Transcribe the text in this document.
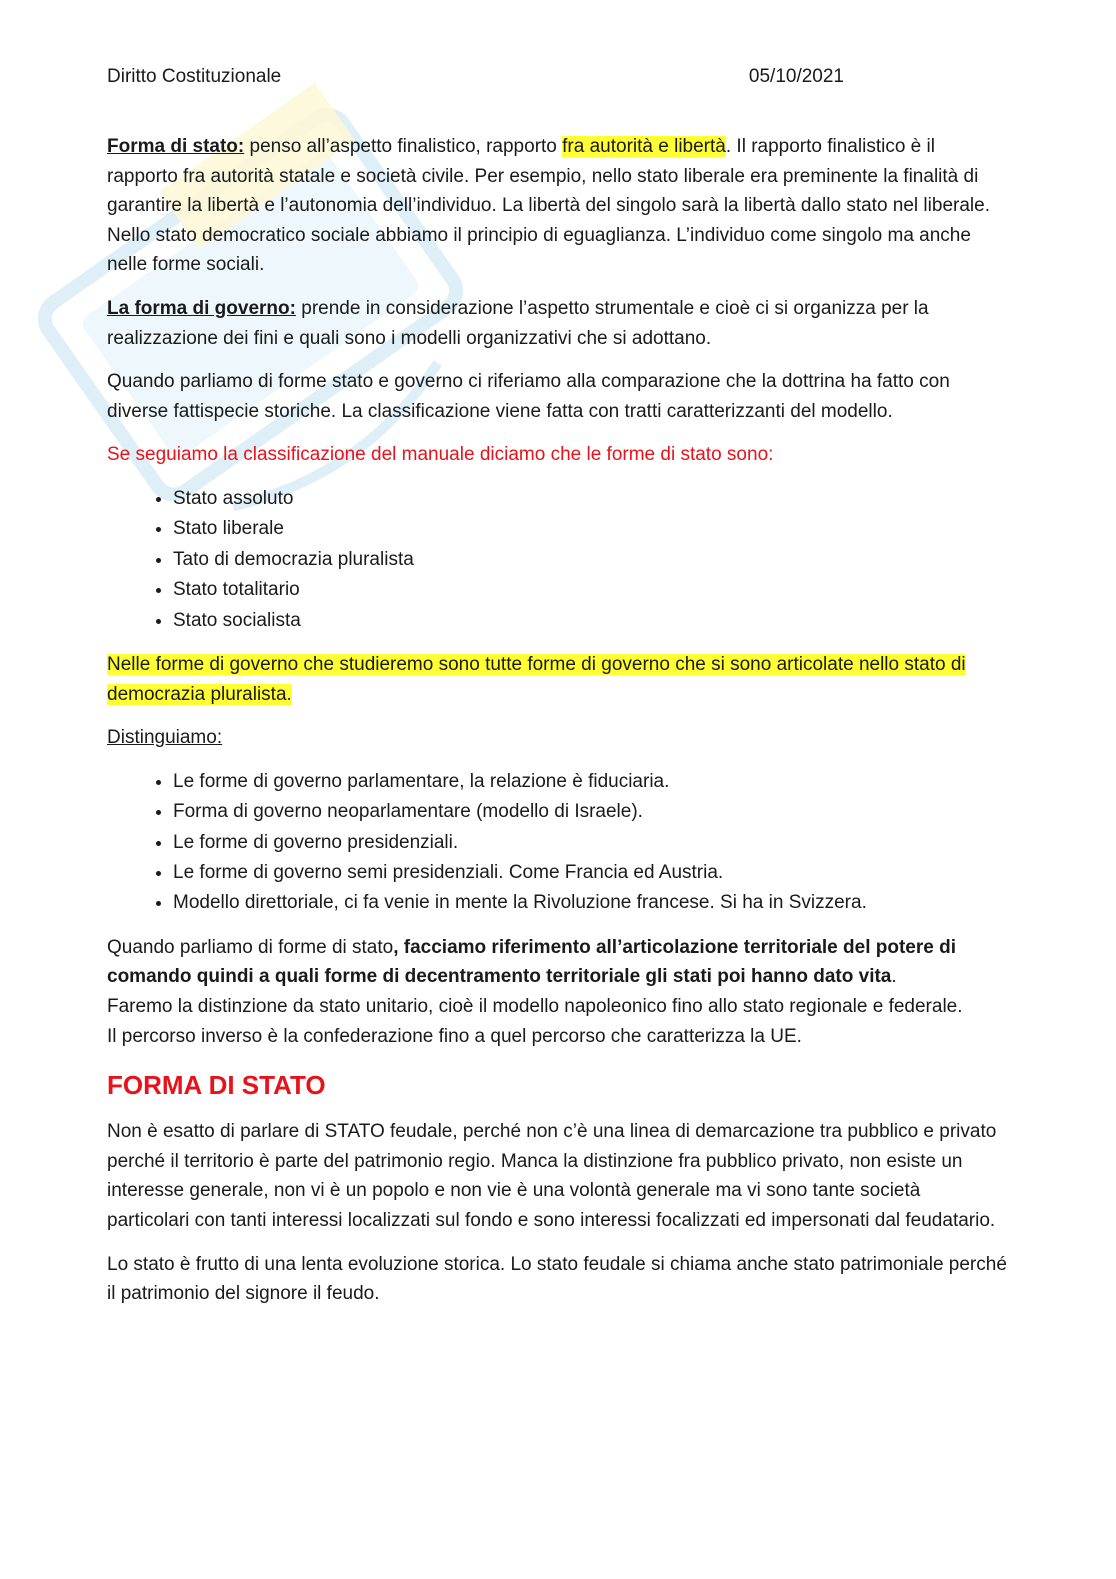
Diritto Costituzionale	05/10/2021

Forma di stato: penso all’aspetto finalistico, rapporto fra autorità e libertà. Il rapporto finalistico è il rapporto fra autorità statale e società civile. Per esempio, nello stato liberale era preminente la finalità di garantire la libertà e l’autonomia dell’individuo. La libertà del singolo sarà la libertà dallo stato nel liberale. Nello stato democratico sociale abbiamo il principio di eguaglianza. L’individuo come singolo ma anche nelle forme sociali.

La forma di governo: prende in considerazione l’aspetto strumentale e cioè ci si organizza per la realizzazione dei fini e quali sono i modelli organizzativi che si adottano.

Quando parliamo di forme stato e governo ci riferiamo alla comparazione che la dottrina ha fatto con diverse fattispecie storiche. La classificazione viene fatta con tratti caratterizzanti del modello.

Se seguiamo la classificazione del manuale diciamo che le forme di stato sono:

• Stato assoluto
• Stato liberale
• Tato di democrazia pluralista
• Stato totalitario
• Stato socialista

Nelle forme di governo che studieremo sono tutte forme di governo che si sono articolate nello stato di democrazia pluralista.

Distinguiamo:

• Le forme di governo parlamentare, la relazione è fiduciaria.
• Forma di governo neoparlamentare (modello di Israele).
• Le forme di governo presidenziali.
• Le forme di governo semi presidenziali. Come Francia ed Austria.
• Modello direttoriale, ci fa venie in mente la Rivoluzione francese. Si ha in Svizzera.

Quando parliamo di forme di stato, facciamo riferimento all’articolazione territoriale del potere di comando quindi a quali forme di decentramento territoriale gli stati poi hanno dato vita.
Faremo la distinzione da stato unitario, cioè il modello napoleonico fino allo stato regionale e federale.
Il percorso inverso è la confederazione fino a quel percorso che caratterizza la UE.

FORMA DI STATO

Non è esatto di parlare di STATO feudale, perché non c’è una linea di demarcazione tra pubblico e privato perché il territorio è parte del patrimonio regio. Manca la distinzione fra pubblico privato, non esiste un interesse generale, non vi è un popolo e non vie è una volontà generale ma vi sono tante società particolari con tanti interessi localizzati sul fondo e sono interessi focalizzati ed impersonati dal feudatario.

Lo stato è frutto di una lenta evoluzione storica. Lo stato feudale si chiama anche stato patrimoniale perché il patrimonio del signore il feudo.
